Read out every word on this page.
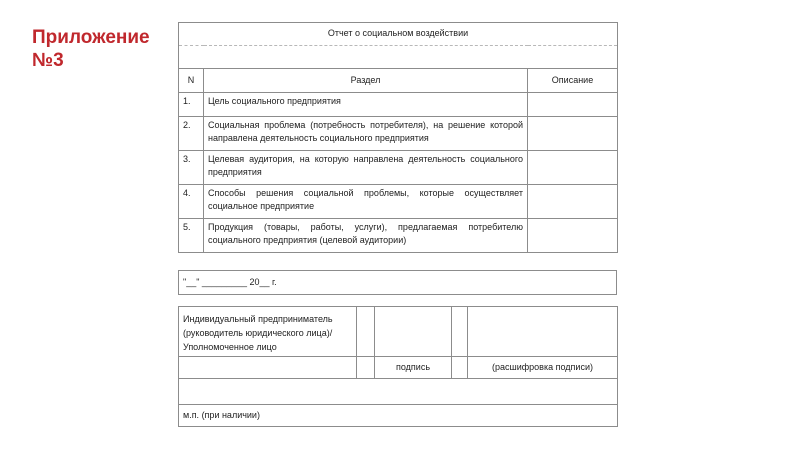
Приложение
№3
Отчет о социальном воздействии		

N	Раздел	Описание
1.	Цель социального предприятия	
2.	Социальная проблема (потребность потребителя), на решение которой направлена деятельность социального предприятия	
3.	Целевая аудитория, на которую направлена деятельность социального предприятия	
4.	Способы решения социальной проблемы, которые осуществляет социальное предприятие	
5.	Продукция (товары, работы, услуги), предлагаемая потребителю социального предприятия (целевой аудитории)	
"__" _________ 20__ г.
Индивидуальный предприниматель (руководитель юридического лица)/Уполномоченное лицо				
		подпись		(расшифровка подписи)

м.п. (при наличии)				
